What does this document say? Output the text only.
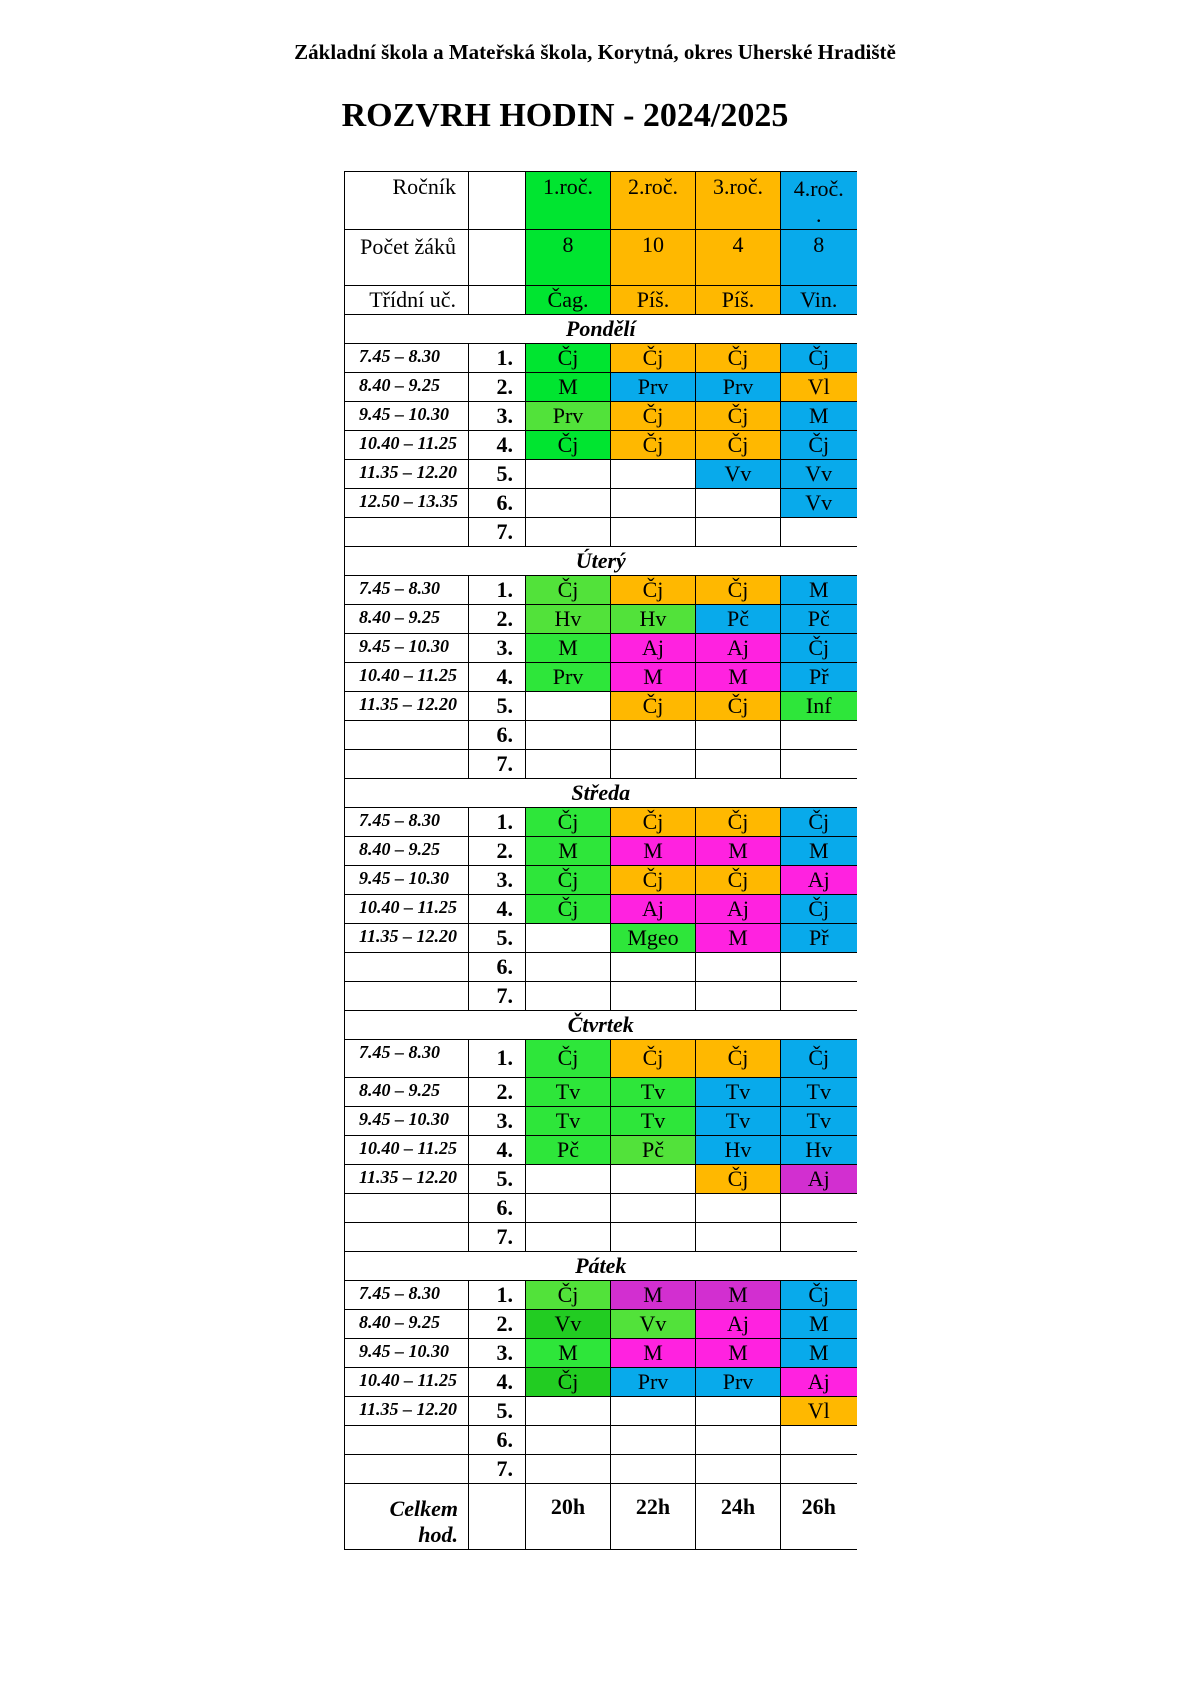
Základní škola a Mateřská škola, Korytná, okres Uherské Hradiště
ROZVRH HODIN - 2024/2025
Ročník		1.roč.	2.roč.	3.roč.	4.roč.
.

Počet žáků		8	10	4	8
Třídní uč.		Čag.	Píš.	Píš.	Vin.
Pondělí					
7.45 – 8.30	1.	Čj	Čj	Čj	Čj
8.40 – 9.25	2.	M	Prv	Prv	Vl
9.45 – 10.30	3.	Prv	Čj	Čj	M
10.40 – 11.25	4.	Čj	Čj	Čj	Čj
11.35 – 12.20	5.			Vv	Vv
12.50 – 13.35	6.				Vv
	7.				
Úterý					
7.45 – 8.30	1.	Čj	Čj	Čj	M
8.40 – 9.25	2.	Hv	Hv	Pč	Pč
9.45 – 10.30	3.	M	Aj	Aj	Čj
10.40 – 11.25	4.	Prv	M	M	Př
11.35 – 12.20	5.		Čj	Čj	Inf
	6.				
	7.				
Středa					
7.45 – 8.30	1.	Čj	Čj	Čj	Čj
8.40 – 9.25	2.	M	M	M	M
9.45 – 10.30	3.	Čj	Čj	Čj	Aj
10.40 – 11.25	4.	Čj	Aj	Aj	Čj
11.35 – 12.20	5.		Mgeo	M	Př
	6.				
	7.				
Čtvrtek					
7.45 – 8.30	1.	Čj	Čj	Čj	Čj
8.40 – 9.25	2.	Tv	Tv	Tv	Tv
9.45 – 10.30	3.	Tv	Tv	Tv	Tv
10.40 – 11.25	4.	Pč	Pč	Hv	Hv
11.35 – 12.20	5.			Čj	Aj
	6.				
	7.				
Pátek					
7.45 – 8.30	1.	Čj	M	M	Čj
8.40 – 9.25	2.	Vv	Vv	Aj	M
9.45 – 10.30	3.	M	M	M	M
10.40 – 11.25	4.	Čj	Prv	Prv	Aj
11.35 – 12.20	5.				Vl
	6.				
	7.				
Celkem hod.		20h	22h	24h	26h
